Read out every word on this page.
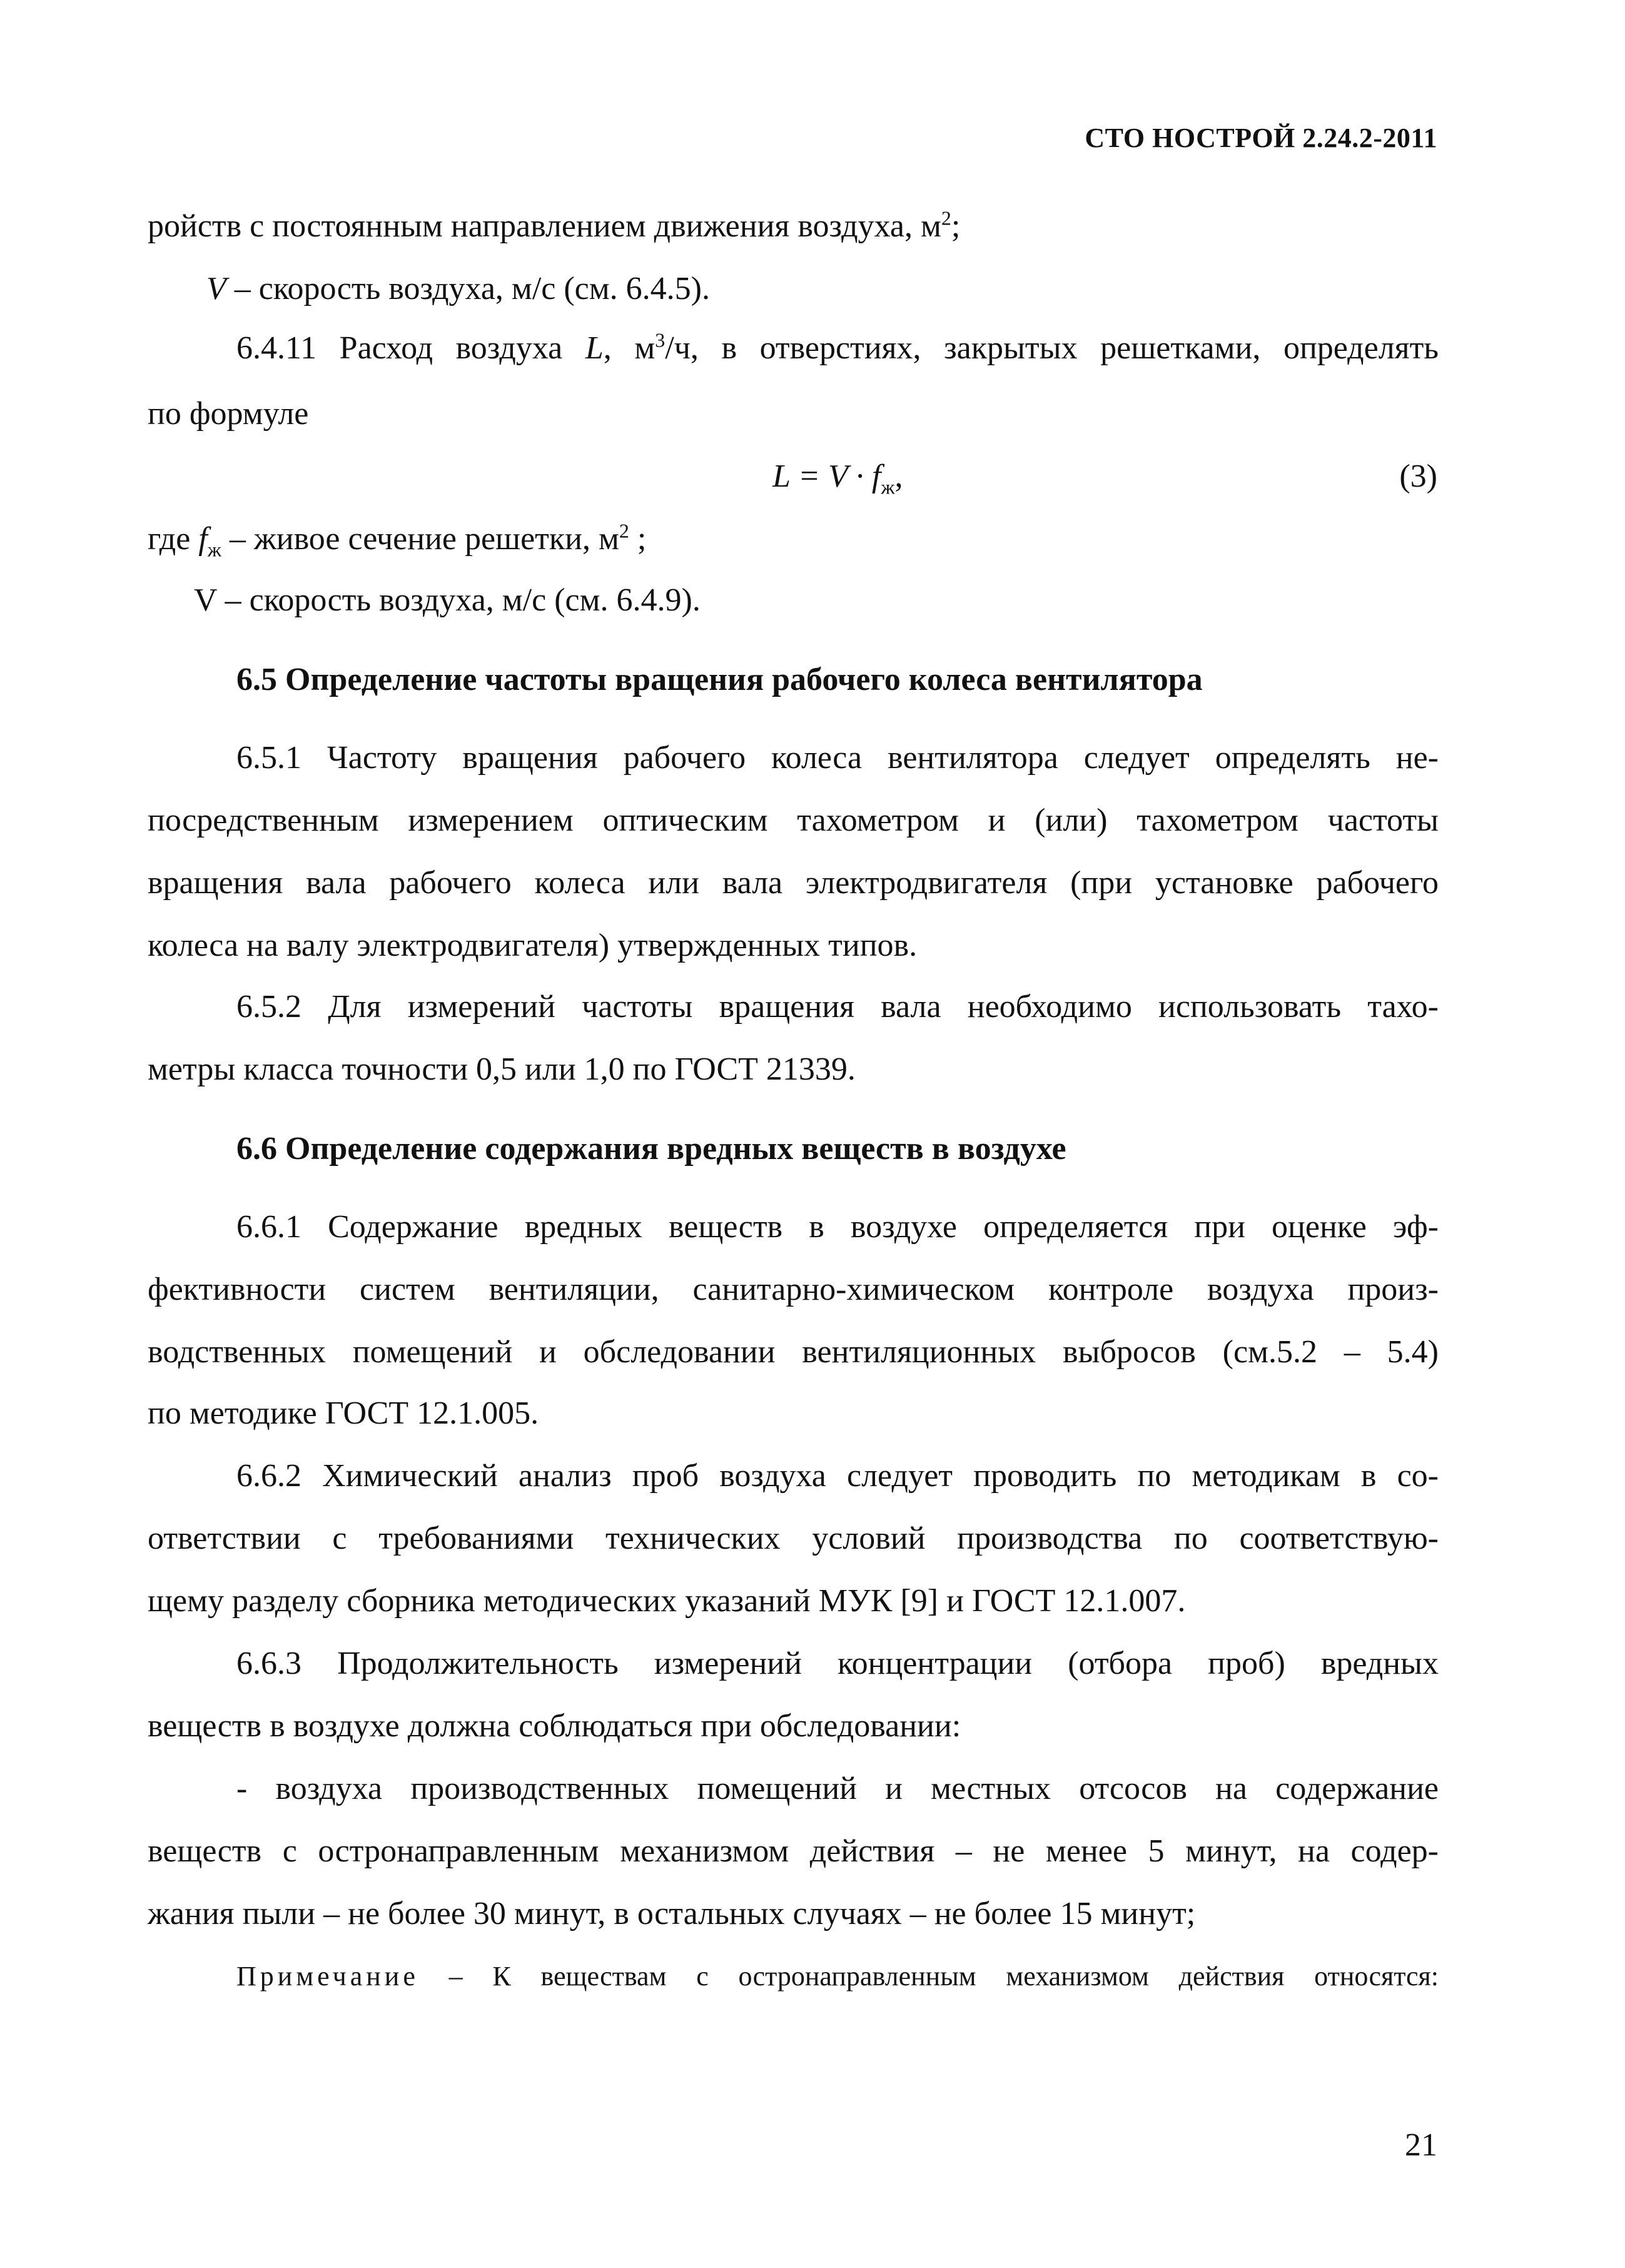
СТО НОСТРОЙ 2.24.2-2011
ройств с постоянным направлением движения воздуха, $м^2$;
V – скорость воздуха, м/с (см. 6.4.5).
6.4.11 Расход воздуха L, $м^3/ч$, в отверстиях, закрытых решетками, определять
по формуле
$L = V \cdot f_ж$,	(3)
где $f_ж$ – живое сечение решетки, $м^2$ ;
V – скорость воздуха, м/с (см. 6.4.9).
6.5 Определение частоты вращения рабочего колеса вентилятора
6.5.1 Частоту вращения рабочего колеса вентилятора следует определять не-
посредственным измерением оптическим тахометром и (или) тахометром частоты
вращения вала рабочего колеса или вала электродвигателя (при установке рабочего
колеса на валу электродвигателя) утвержденных типов.
6.5.2 Для измерений частоты вращения вала необходимо использовать тахо-
метры класса точности 0,5 или 1,0 по ГОСТ 21339.
6.6 Определение содержания вредных веществ в воздухе
6.6.1 Содержание вредных веществ в воздухе определяется при оценке эф-
фективности систем вентиляции, санитарно-химическом контроле воздуха произ-
водственных помещений и обследовании вентиляционных выбросов (см.5.2 – 5.4)
по методике ГОСТ 12.1.005.
6.6.2 Химический анализ проб воздуха следует проводить по методикам в со-
ответствии с требованиями технических условий производства по соответствую-
щему разделу сборника методических указаний МУК [9] и ГОСТ 12.1.007.
6.6.3 Продолжительность измерений концентрации (отбора проб) вредных
веществ в воздухе должна соблюдаться при обследовании:
- воздуха производственных помещений и местных отсосов на содержание
веществ с остронаправленным механизмом действия – не менее 5 минут, на содер-
жания пыли – не более 30 минут, в остальных случаях – не более 15 минут;
Примечание – К веществам с остронаправленным механизмом действия относятся:
21
